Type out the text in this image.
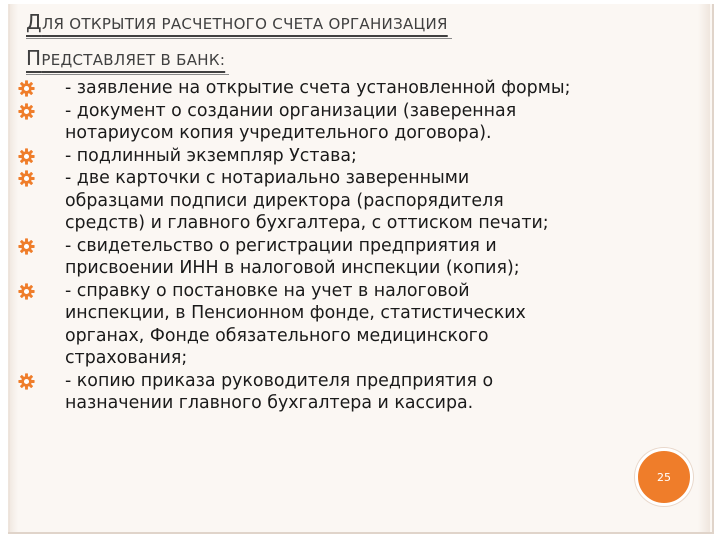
ДЛЯ ОТКРЫТИЯ РАСЧЕТНОГО СЧЕТА ОРГАНИЗАЦИЯ
ПРЕДСТАВЛЯЕТ В БАНК:
- заявление на открытие счета установленной формы;
- документ о создании организации (заверенная
нотариусом копия учредительного договора).
- подлинный экземпляр Устава;
- две карточки с нотариально заверенными
образцами подписи директора (распорядителя
средств) и главного бухгалтера, с оттиском печати;
- свидетельство о регистрации предприятия и
присвоении ИНН в налоговой инспекции (копия);
- справку о постановке на учет в налоговой
инспекции, в Пенсионном фонде, статистических
органах, Фонде обязательного медицинского
страхования;
- копию приказа руководителя предприятия о
назначении главного бухгалтера и кассира.
25
